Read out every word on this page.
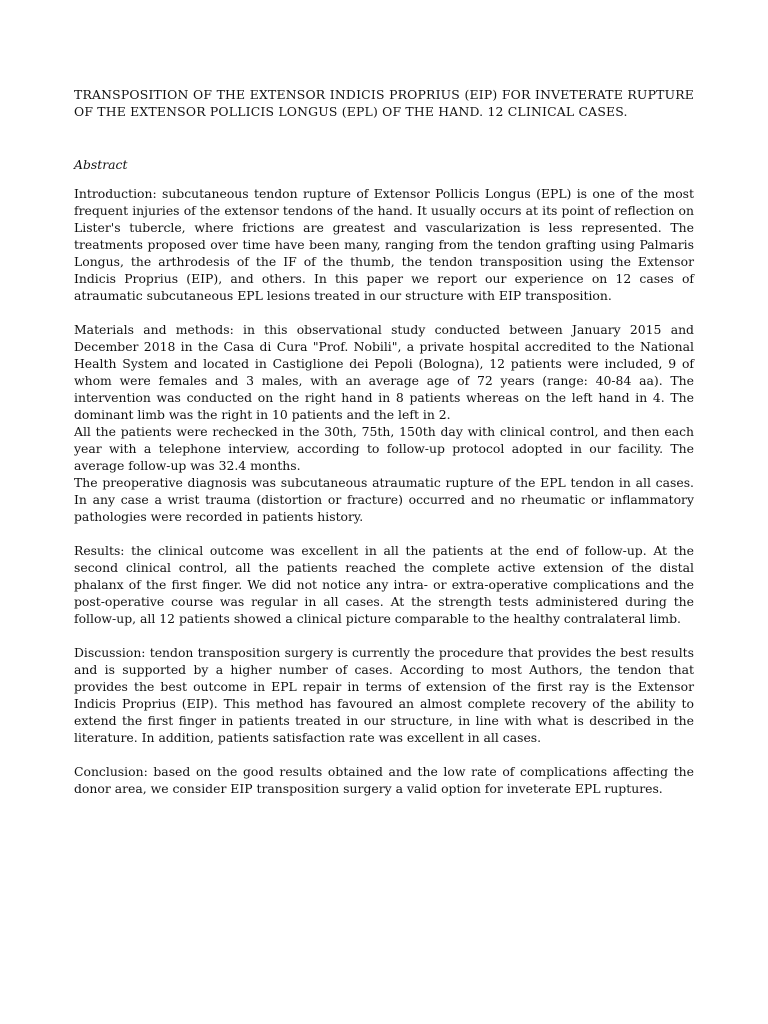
TRANSPOSITION OF THE EXTENSOR INDICIS PROPRIUS (EIP) FOR INVETERATE RUPTURE OF THE EXTENSOR POLLICIS LONGUS (EPL) OF THE HAND. 12 CLINICAL CASES.
Abstract

Introduction: subcutaneous tendon rupture of Extensor Pollicis Longus (EPL) is one of the most frequent injuries of the extensor tendons of the hand. It usually occurs at its point of reflection on Lister's tubercle, where frictions are greatest and vascularization is less represented. The treatments proposed over time have been many, ranging from the tendon grafting using Palmaris Longus, the arthrodesis of the IF of the thumb, the tendon transposition using the Extensor Indicis Proprius (EIP), and others. In this paper we report our experience on 12 cases of atraumatic subcutaneous EPL lesions treated in our structure with EIP transposition.

Materials and methods: in this observational study conducted between January 2015 and December 2018 in the Casa di Cura "Prof. Nobili", a private hospital accredited to the National Health System and located in Castiglione dei Pepoli (Bologna), 12 patients were included, 9 of whom were females and 3 males, with an average age of 72 years (range: 40-84 aa). The intervention was conducted on the right hand in 8 patients whereas on the left hand in 4. The dominant limb was the right in 10 patients and the left in 2.

All the patients were rechecked in the 30th, 75th, 150th day with clinical control, and then each year with a telephone interview, according to follow-up protocol adopted in our facility. The average follow-up was 32.4 months.

The preoperative diagnosis was subcutaneous atraumatic rupture of the EPL tendon in all cases. In any case a wrist trauma (distortion or fracture) occurred and no rheumatic or inflammatory pathologies were recorded in patients history.

Results: the clinical outcome was excellent in all the patients at the end of follow-up. At the second clinical control, all the patients reached the complete active extension of the distal phalanx of the first finger. We did not notice any intra- or extra-operative complications and the post-operative course was regular in all cases. At the strength tests administered during the follow-up, all 12 patients showed a clinical picture comparable to the healthy contralateral limb.

Discussion: tendon transposition surgery is currently the procedure that provides the best results and is supported by a higher number of cases. According to most Authors, the tendon that provides the best outcome in EPL repair in terms of extension of the first ray is the Extensor Indicis Proprius (EIP). This method has favoured an almost complete recovery of the ability to extend the first finger in patients treated in our structure, in line with what is described in the literature. In addition, patients satisfaction rate was excellent in all cases.

Conclusion: based on the good results obtained and the low rate of complications affecting the donor area, we consider EIP transposition surgery a valid option for inveterate EPL ruptures.
